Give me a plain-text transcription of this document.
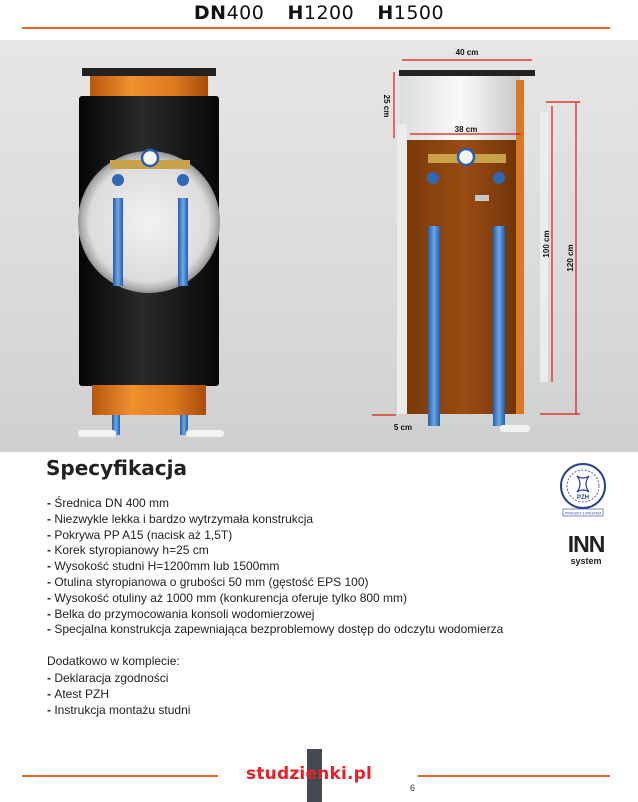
DN400 H1200 H1500
40 cm
38 cm
25 cm
100 cm
120 cm
5 cm
Specyfikacja
- Średnica DN 400 mm
- Niezwykle lekka i bardzo wytrzymała konstrukcja
- Pokrywa PP A15 (nacisk aż 1,5T)
- Korek styropianowy h=25 cm
- Wysokość studni H=1200mm lub 1500mm
- Otulina styropianowa o grubości 50 mm (gęstość EPS 100)
- Wysokość otuliny aż 1000 mm (konkurencja oferuje tylko 800 mm)
- Belka do przymocowania konsoli wodomierzowej
- Specjalna konstrukcja zapewniająca bezproblemowy dostęp do odczytu wodomierza
Dodatkowo w komplecie:
- Deklaracja zgodności
- Atest PZH
- Instrukcja montażu studni
PZH
PRODUKT Z ATESTEM
INN
system
studzienki.pl
6
